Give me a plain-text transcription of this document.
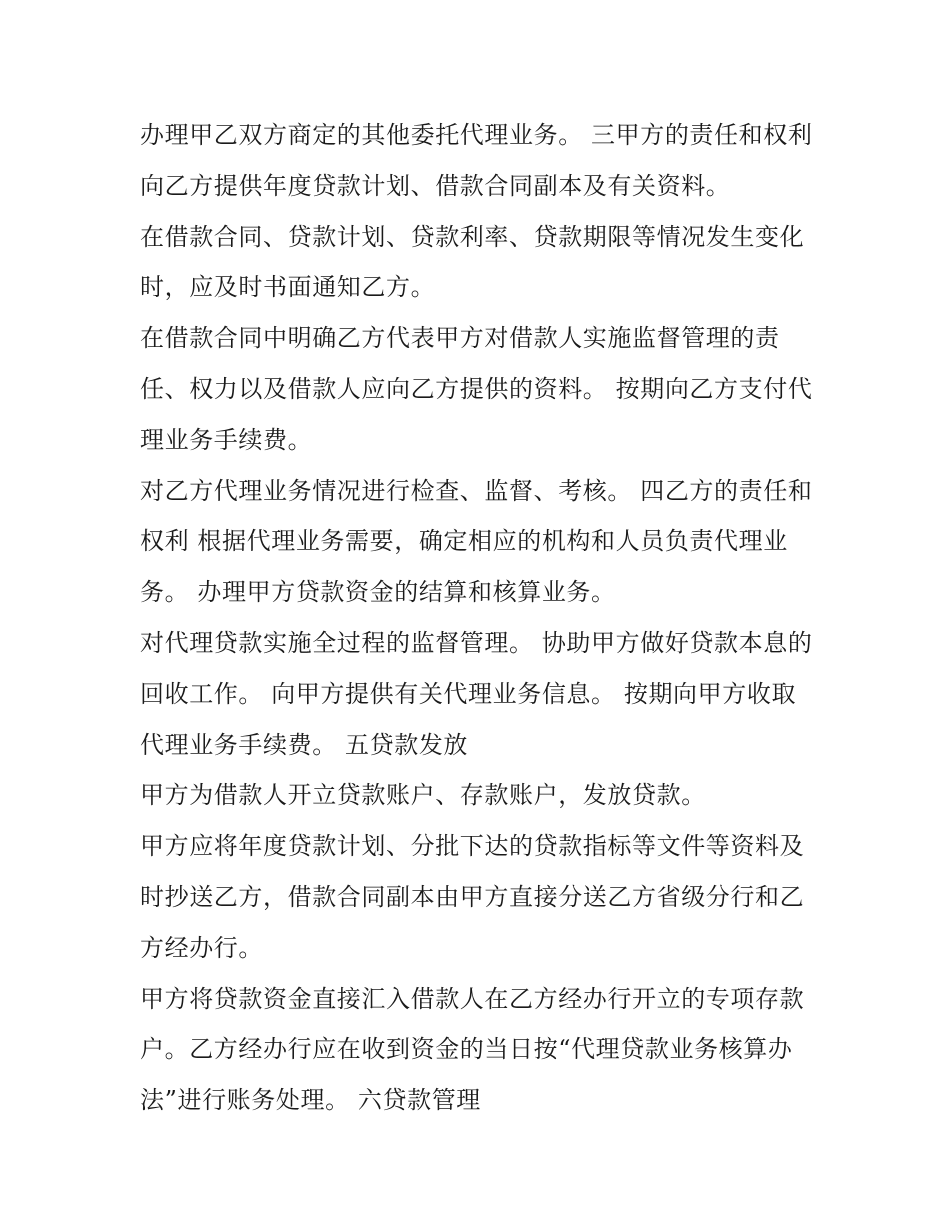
办理甲乙双方商定的其他委托代理业务。 三甲方的责任和权利 向乙方提供年度贷款计划、借款合同副本及有关资料。

在借款合同、贷款计划、贷款利率、贷款期限等情况发生变化时，应及时书面通知乙方。

在借款合同中明确乙方代表甲方对借款人实施监督管理的责任、权力以及借款人应向乙方提供的资料。 按期向乙方支付代理业务手续费。

对乙方代理业务情况进行检查、监督、考核。 四乙方的责任和权利 根据代理业务需要，确定相应的机构和人员负责代理业务。 办理甲方贷款资金的结算和核算业务。

对代理贷款实施全过程的监督管理。 协助甲方做好贷款本息的回收工作。 向甲方提供有关代理业务信息。 按期向甲方收取代理业务手续费。 五贷款发放

甲方为借款人开立贷款账户、存款账户，发放贷款。

甲方应将年度贷款计划、分批下达的贷款指标等文件等资料及时抄送乙方，借款合同副本由甲方直接分送乙方省级分行和乙方经办行。

甲方将贷款资金直接汇入借款人在乙方经办行开立的专项存款户。乙方经办行应在收到资金的当日按“代理贷款业务核算办法”进行账务处理。 六贷款管理
